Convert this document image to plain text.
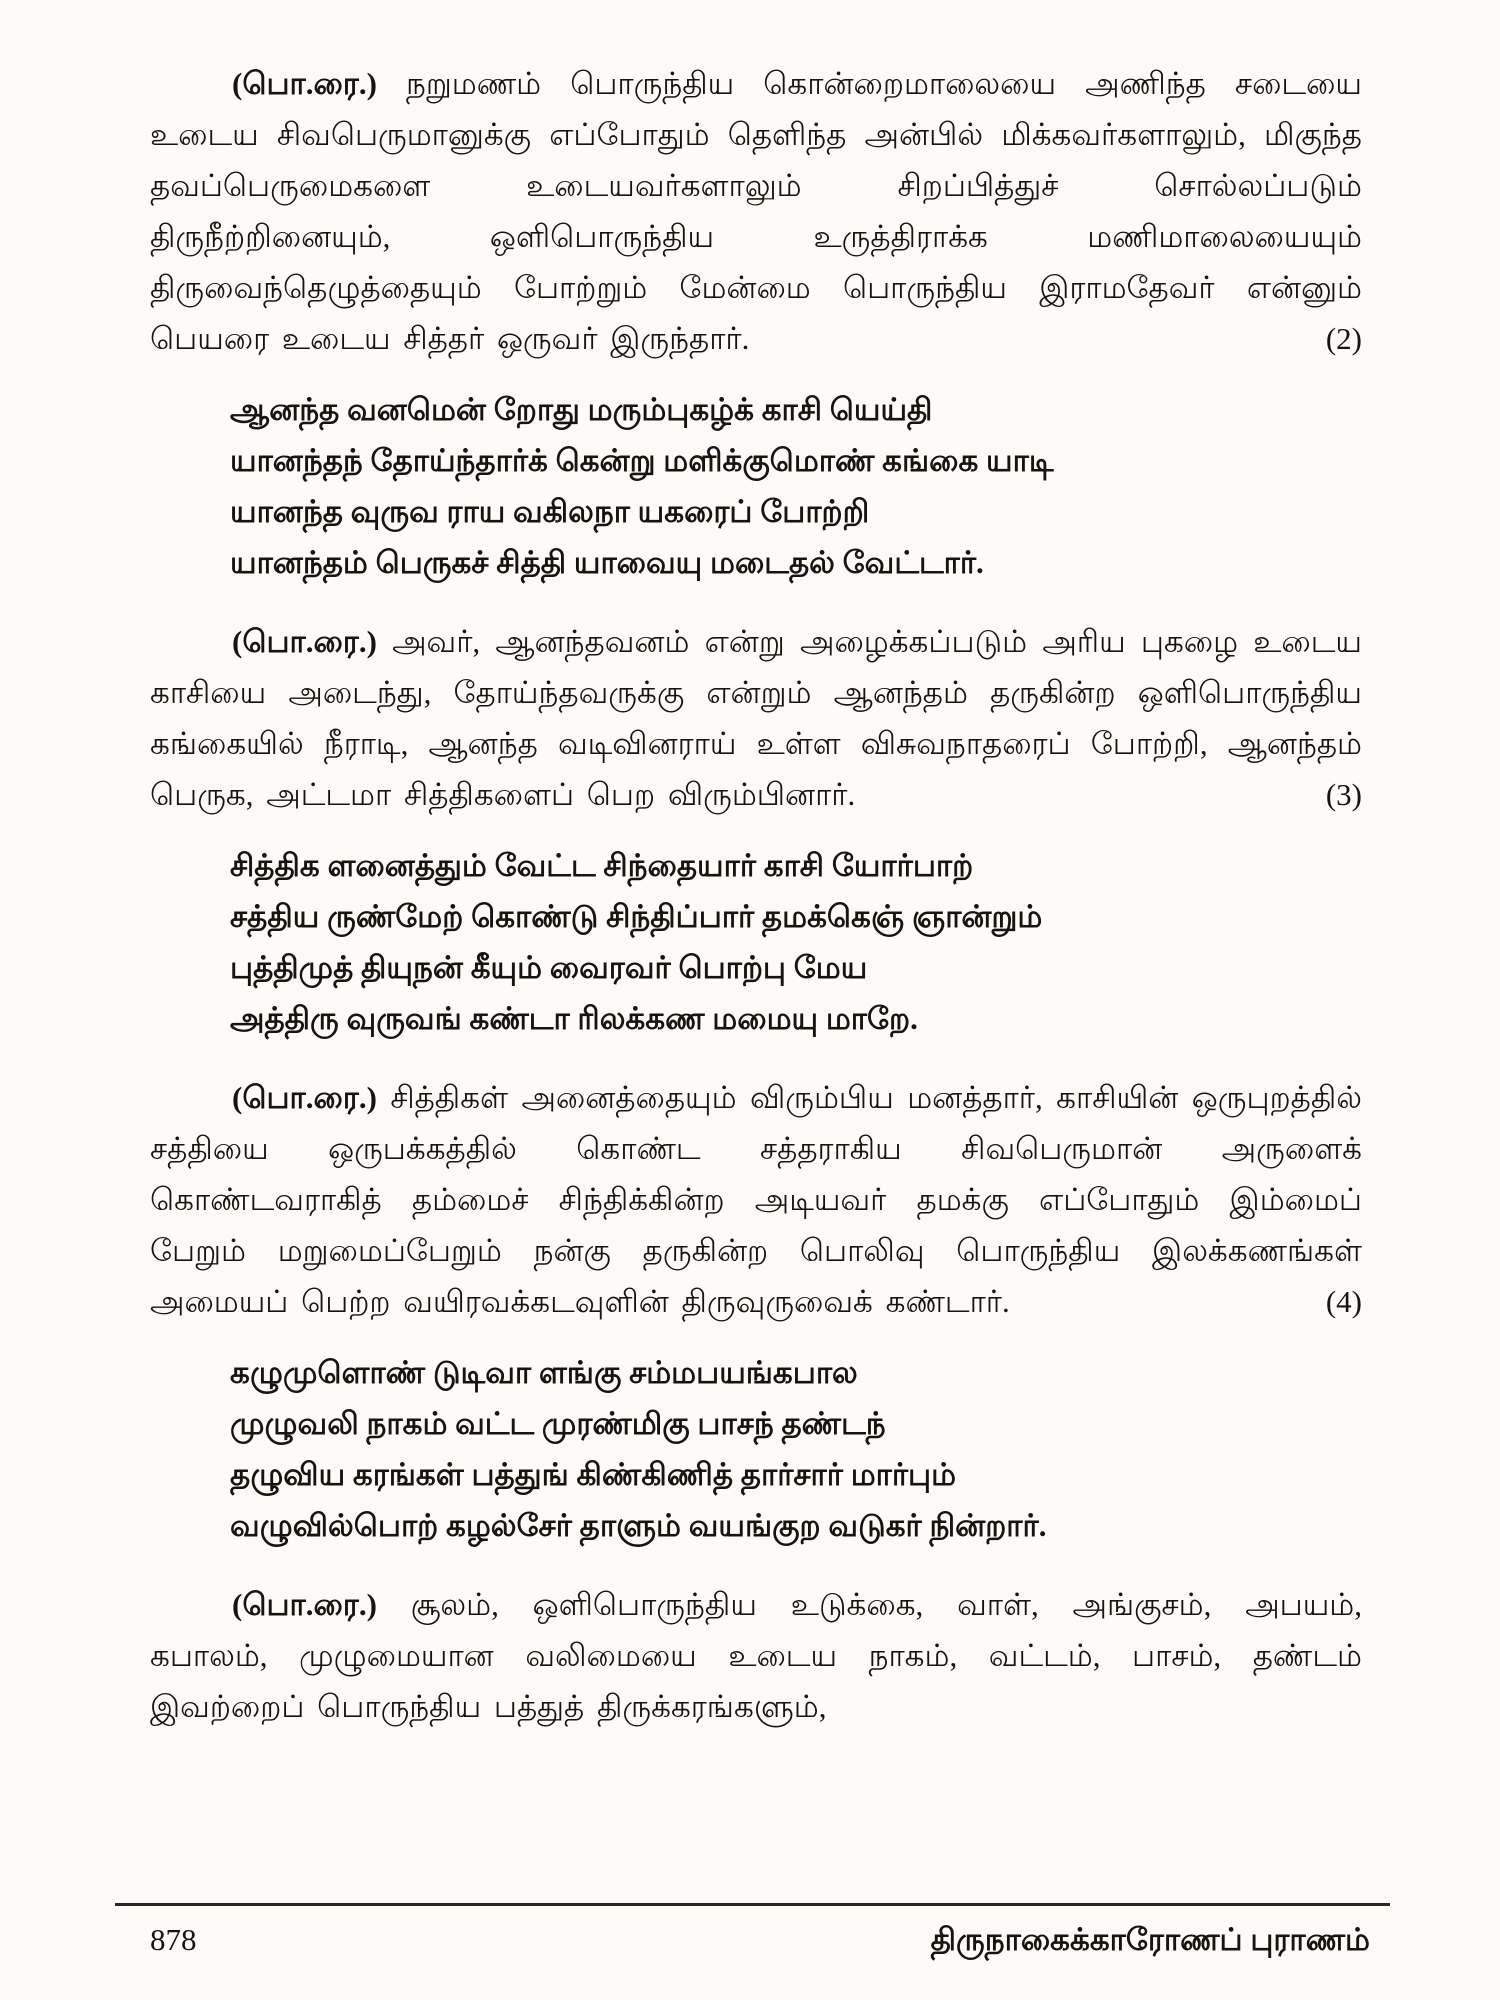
(பொ.ரை.) நறுமணம் பொருந்திய கொன்றைமாலையை அணிந்த சடையை உடைய சிவபெருமானுக்கு எப்போதும் தெளிந்த அன்பில் மிக்கவர்களாலும், மிகுந்த தவப்பெருமைகளை உடையவர்களாலும் சிறப்பித்துச் சொல்லப்படும் திருநீற்றினையும், ஒளிபொருந்திய உருத்திராக்க மணிமாலையையும் திருவைந்தெழுத்தையும் போற்றும் மேன்மை பொருந்திய இராமதேவர் என்னும் பெயரை உடைய சித்தர் ஒருவர் இருந்தார்.	(2)

ஆனந்த வனமென் றோது மரும்புகழ்க் காசி யெய்தி
யானந்தந் தோய்ந்தார்க் கென்று மளிக்குமொண் கங்கை யாடி
யானந்த வுருவ ராய வகிலநா யகரைப் போற்றி
யானந்தம் பெருகச் சித்தி யாவையு மடைதல் வேட்டார்.

(பொ.ரை.) அவர், ஆனந்தவனம் என்று அழைக்கப்படும் அரிய புகழை உடைய காசியை அடைந்து, தோய்ந்தவருக்கு என்றும் ஆனந்தம் தருகின்ற ஒளிபொருந்திய கங்கையில் நீராடி, ஆனந்த வடிவினராய் உள்ள விசுவநாதரைப் போற்றி, ஆனந்தம் பெருக, அட்டமா சித்திகளைப் பெற விரும்பினார்.	(3)

சித்திக ளனைத்தும் வேட்ட சிந்தையார் காசி யோர்பாற்
சத்திய ருண்மேற் கொண்டு சிந்திப்பார் தமக்கெஞ் ஞான்றும்
புத்திமுத் தியுநன் கீயும் வைரவர் பொற்பு மேய
அத்திரு வுருவங் கண்டா ரிலக்கண மமையு மாறே.

(பொ.ரை.) சித்திகள் அனைத்தையும் விரும்பிய மனத்தார், காசியின் ஒருபுறத்தில் சத்தியை ஒருபக்கத்தில் கொண்ட சத்தராகிய சிவபெருமான் அருளைக் கொண்டவராகித் தம்மைச் சிந்திக்கின்ற அடியவர் தமக்கு எப்போதும் இம்மைப் பேறும் மறுமைப்பேறும் நன்கு தருகின்ற பொலிவு பொருந்திய இலக்கணங்கள் அமையப் பெற்ற வயிரவக்கடவுளின் திருவுருவைக் கண்டார்.	(4)

கழுமுளொண் டுடிவா ளங்கு சம்மபயங்கபால
முழுவலி நாகம் வட்ட முரண்மிகு பாசந் தண்டந்
தழுவிய கரங்கள் பத்துங் கிண்கிணித் தார்சார் மார்பும்
வழுவில்பொற் கழல்சேர் தாளும் வயங்குற வடுகர் நின்றார்.

(பொ.ரை.) சூலம், ஒளிபொருந்திய உடுக்கை, வாள், அங்குசம், அபயம், கபாலம், முழுமையான வலிமையை உடைய நாகம், வட்டம், பாசம், தண்டம் இவற்றைப் பொருந்திய பத்துத் திருக்கரங்களும்,

878	திருநாகைக்காரோணப் புராணம்
